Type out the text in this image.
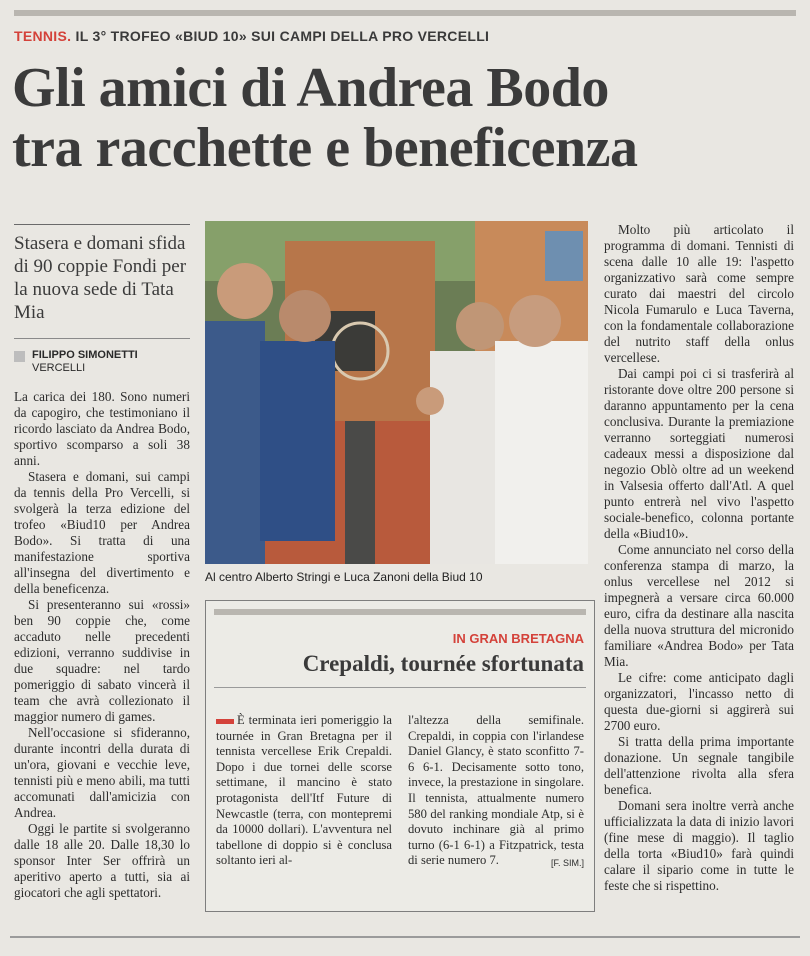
TENNIS. IL 3° TROFEO «BIUD 10» SUI CAMPI DELLA PRO VERCELLI
Gli amici di Andrea Bodo
tra racchette e beneficenza
Stasera e domani sfida di 90 coppie Fondi per la nuova sede di Tata Mia
FILIPPO SIMONETTI
VERCELLI

La carica dei 180. Sono numeri da capogiro, che testimoniano il ricordo lasciato da Andrea Bodo, sportivo scomparso a soli 38 anni.

Stasera e domani, sui campi da tennis della Pro Vercelli, si svolgerà la terza edizione del trofeo «Biud10 per Andrea Bodo». Si tratta di una manifestazione sportiva all'insegna del divertimento e della beneficenza.

Si presenteranno sui «rossi» ben 90 coppie che, come accaduto nelle precedenti edizioni, verranno suddivise in due squadre: nel tardo pomeriggio di sabato vincerà il team che avrà collezionato il maggior numero di games.

Nell'occasione si sfideranno, durante incontri della durata di un'ora, giovani e vecchie leve, tennisti più e meno abili, ma tutti accomunati dall'amicizia con Andrea.

Oggi le partite si svolgeranno dalle 18 alle 20. Dalle 18,30 lo sponsor Inter Ser offrirà un aperitivo aperto a tutti, sia ai giocatori che agli spettatori.

Al centro Alberto Stringi e Luca Zanoni della Biud 10
IN GRAN BRETAGNA
Crepaldi, tournée sfortunata
È terminata ieri pomeriggio la tournée in Gran Bretagna per il tennista vercellese Erik Crepaldi. Dopo i due tornei delle scorse settimane, il mancino è stato protagonista dell'Itf Future di Newcastle (terra, con montepremi da 10000 dollari). L'avventura nel tabellone di doppio si è conclusa soltanto ieri al-
l'altezza della semifinale. Crepaldi, in coppia con l'irlandese Daniel Glancy, è stato sconfitto 7-6 6-1. Decisamente sotto tono, invece, la prestazione in singolare. Il tennista, attualmente numero 580 del ranking mondiale Atp, si è dovuto inchinare già al primo turno (6-1 6-1) a Fitzpatrick, testa di serie numero 7.	[F. SIM.]

Molto più articolato il programma di domani. Tennisti di scena dalle 10 alle 19: l'aspetto organizzativo sarà come sempre curato dai maestri del circolo Nicola Fumarulo e Luca Taverna, con la fondamentale collaborazione del nutrito staff della onlus vercellese.

Dai campi poi ci si trasferirà al ristorante dove oltre 200 persone si daranno appuntamento per la cena conclusiva. Durante la premiazione verranno sorteggiati numerosi cadeaux messi a disposizione dal negozio Oblò oltre ad un weekend in Valsesia offerto dall'Atl. A quel punto entrerà nel vivo l'aspetto sociale-benefico, colonna portante della «Biud10».

Come annunciato nel corso della conferenza stampa di marzo, la onlus vercellese nel 2012 si impegnerà a versare circa 60.000 euro, cifra da destinare alla nascita della nuova struttura del micronido familiare «Andrea Bodo» per Tata Mia.

Le cifre: come anticipato dagli organizzatori, l'incasso netto di questa due-giorni si aggirerà sui 2700 euro.

Si tratta della prima importante donazione. Un segnale tangibile dell'attenzione rivolta alla sfera benefica.

Domani sera inoltre verrà anche ufficializzata la data di inizio lavori (fine mese di maggio). Il taglio della torta «Biud10» farà quindi calare il sipario come in tutte le feste che si rispettino.
